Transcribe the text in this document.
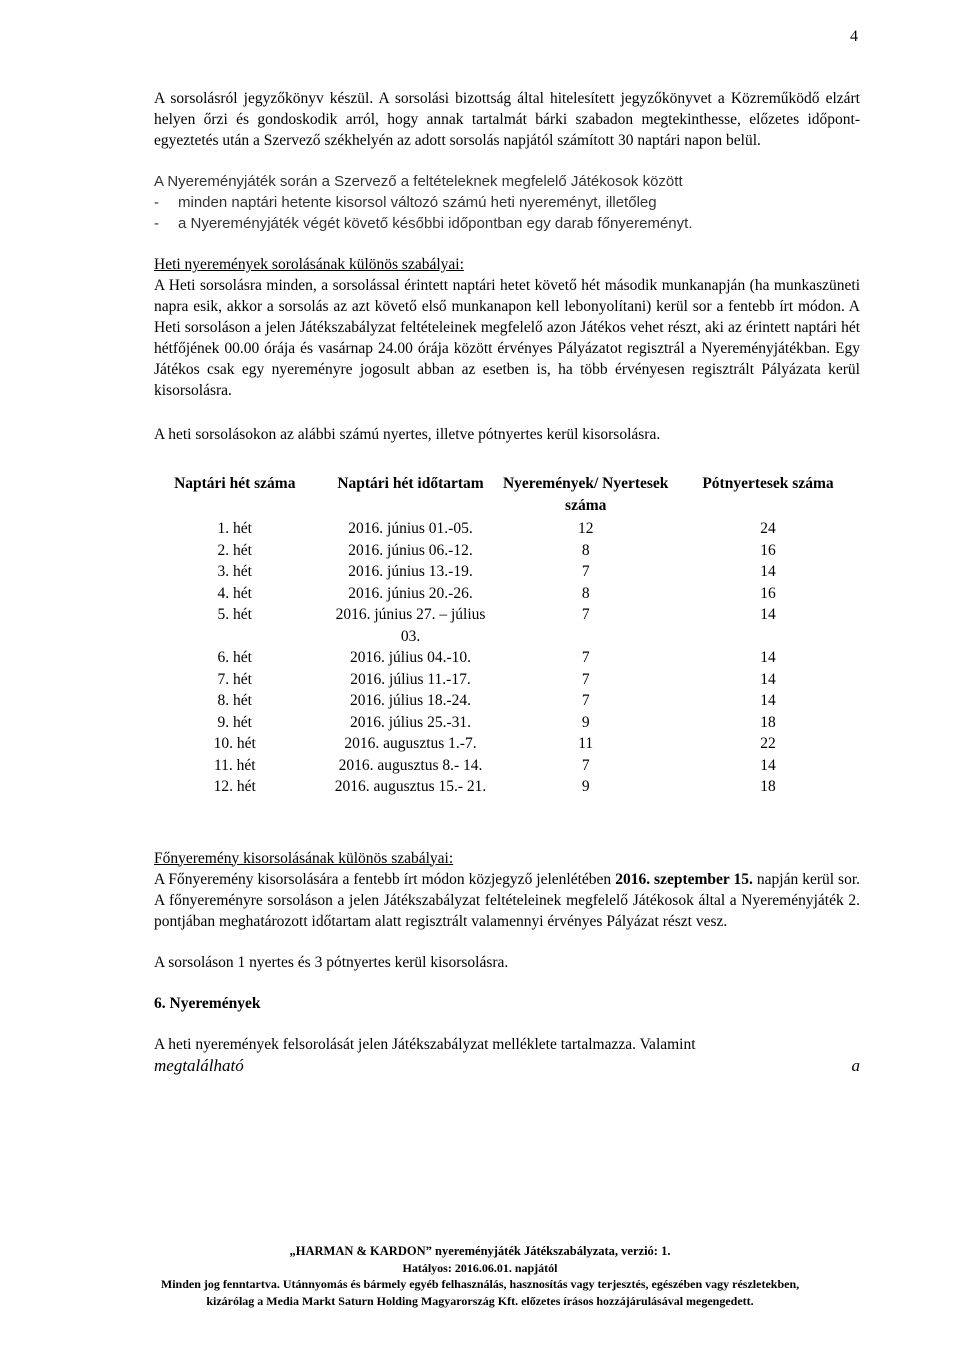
4

A sorsolásról jegyzőkönyv készül. A sorsolási bizottság által hitelesített jegyzőkönyvet a Közreműködő elzárt helyen őrzi és gondoskodik arról, hogy annak tartalmát bárki szabadon megtekinthesse, előzetes időpont-egyeztetés után a Szervező székhelyén az adott sorsolás napjától számított 30 naptári napon belül.

A Nyereményjáték során a Szervező a feltételeknek megfelelő Játékosok között

-	minden naptári hetente kisorsol változó számú heti nyereményt, illetőleg
-	a Nyereményjáték végét követő későbbi időpontban egy darab főnyereményt.

Heti nyeremények sorolásának különös szabályai:

A Heti sorsolásra minden, a sorsolással érintett naptári hetet követő hét második munkanapján (ha munkaszüneti napra esik, akkor a sorsolás az azt követő első munkanapon kell lebonyolítani) kerül sor a fentebb írt módon. A Heti sorsoláson a jelen Játékszabályzat feltételeinek megfelelő azon Játékos vehet részt, aki az érintett naptári hét hétfőjének 00.00 órája és vasárnap 24.00 órája között érvényes Pályázatot regisztrál a Nyereményjátékban. Egy Játékos csak egy nyereményre jogosult abban az esetben is, ha több érvényesen regisztrált Pályázata kerül kisorsolásra.

A heti sorsolásokon az alábbi számú nyertes, illetve pótnyertes kerül kisorsolásra.

Naptári hét száma	Naptári hét időtartam	Nyeremények/ Nyertesek száma	Pótnyertesek száma
1. hét	2016. június 01.-05.	12	24
2. hét	2016. június 06.-12.	8	16
3. hét	2016. június 13.-19.	7	14
4. hét	2016. június 20.-26.	8	16
5. hét	2016. június 27. – július 03.	7	14
6. hét	2016. július 04.-10.	7	14
7. hét	2016. július 11.-17.	7	14
8. hét	2016. július 18.-24.	7	14
9. hét	2016. július 25.-31.	9	18
10. hét	2016. augusztus 1.-7.	11	22
11. hét	2016. augusztus 8.- 14.	7	14
12. hét	2016. augusztus 15.- 21.	9	18

Főnyeremény kisorsolásának különös szabályai:

A Főnyeremény kisorsolására a fentebb írt módon közjegyző jelenlétében 2016. szeptember 15. napján kerül sor. A főnyereményre sorsoláson a jelen Játékszabályzat feltételeinek megfelelő Játékosok által a Nyereményjáték 2. pontjában meghatározott időtartam alatt regisztrált valamennyi érvényes Pályázat részt vesz.

A sorsoláson 1 nyertes és 3 pótnyertes kerül kisorsolásra.

6. Nyeremények

A heti nyeremények felsorolását jelen Játékszabályzat melléklete tartalmazza. Valamint

megtalálható	a
„HARMAN & KARDON” nyereményjáték Játékszabályzata, verzió: 1.
Hatályos: 2016.06.01. napjától
Minden jog fenntartva. Utánnyomás és bármely egyéb felhasználás, hasznosítás vagy terjesztés, egészében vagy részletekben,
kizárólag a Media Markt Saturn Holding Magyarország Kft. előzetes írásos hozzájárulásával megengedett.
